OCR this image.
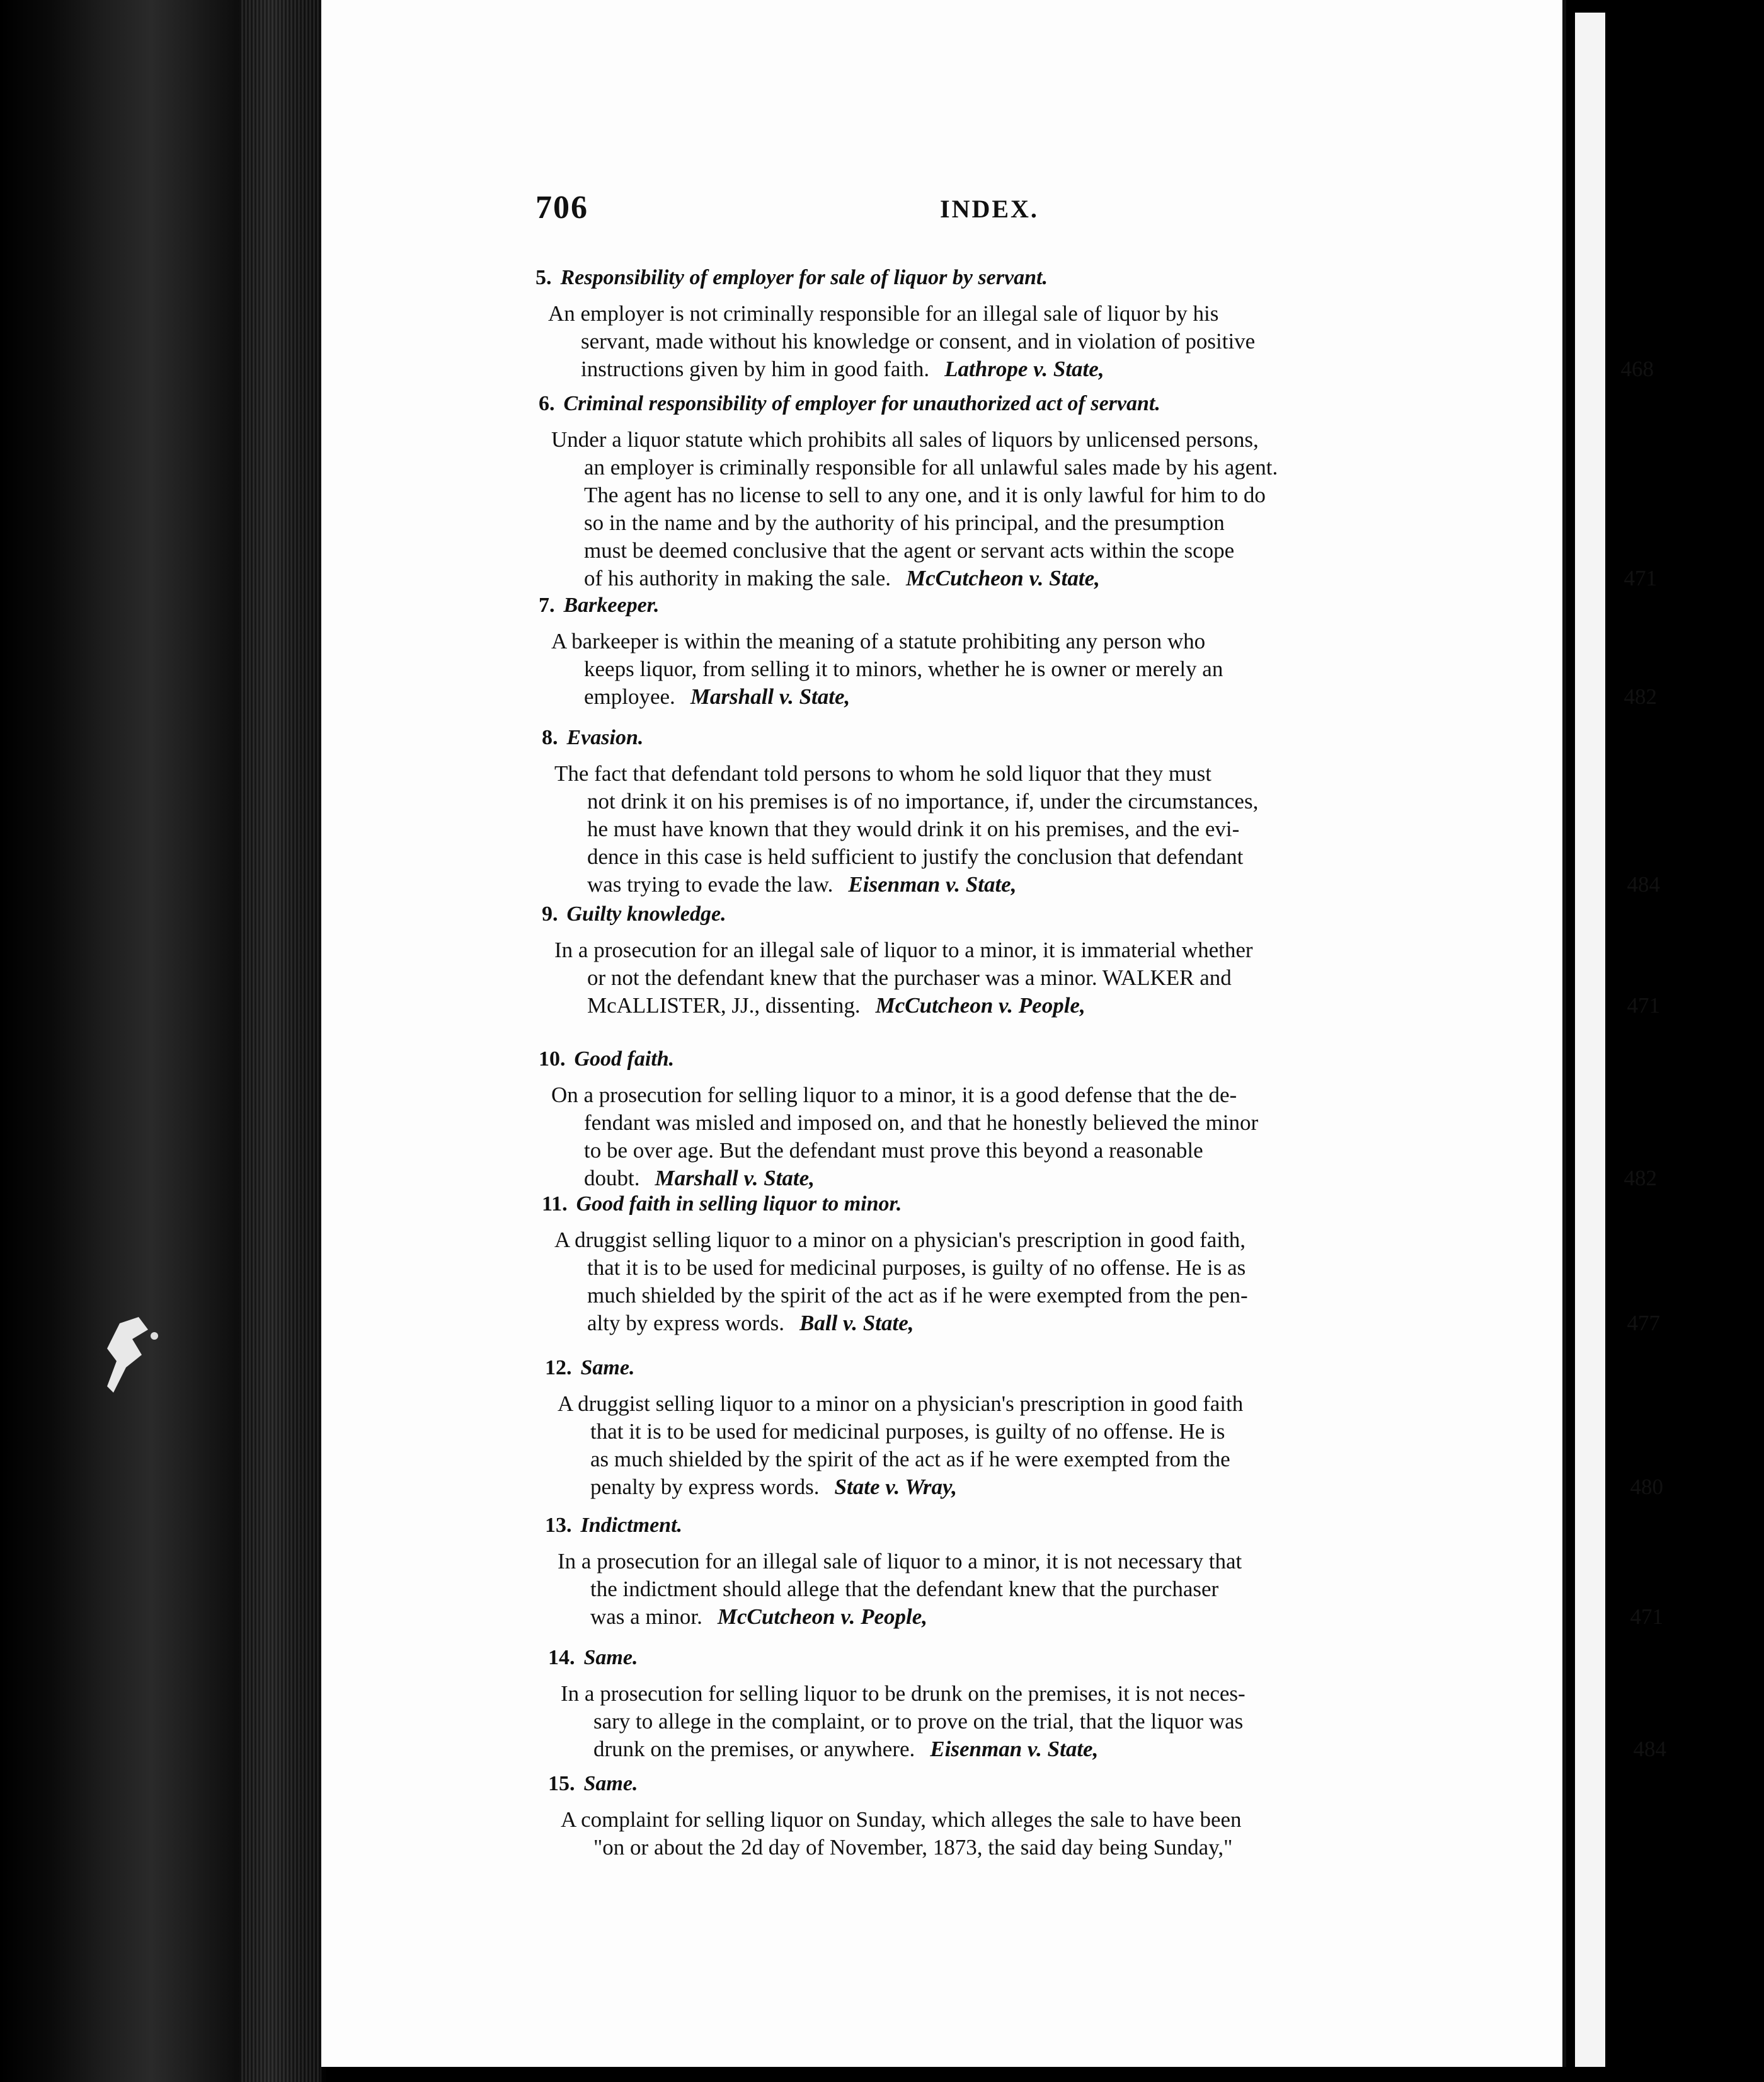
706	INDEX.
5. Responsibility of employer for sale of liquor by servant.
An employer is not criminally responsible for an illegal sale of liquor by his
servant, made without his knowledge or consent, and in violation of positive
instructions given by him in good faith. Lathrope v. State,	468
6. Criminal responsibility of employer for unauthorized act of servant.
Under a liquor statute which prohibits all sales of liquors by unlicensed persons,
an employer is criminally responsible for all unlawful sales made by his agent.
The agent has no license to sell to any one, and it is only lawful for him to do
so in the name and by the authority of his principal, and the presumption
must be deemed conclusive that the agent or servant acts within the scope
of his authority in making the sale. McCutcheon v. State,	471
7. Barkeeper.
A barkeeper is within the meaning of a statute prohibiting any person who
keeps liquor, from selling it to minors, whether he is owner or merely an
employee. Marshall v. State,	482
8. Evasion.
The fact that defendant told persons to whom he sold liquor that they must
not drink it on his premises is of no importance, if, under the circumstances,
he must have known that they would drink it on his premises, and the evi-
dence in this case is held sufficient to justify the conclusion that defendant
was trying to evade the law. Eisenman v. State,	484
9. Guilty knowledge.
In a prosecution for an illegal sale of liquor to a minor, it is immaterial whether
or not the defendant knew that the purchaser was a minor. WALKER and
McALLISTER, JJ., dissenting. McCutcheon v. People,	471
10. Good faith.
On a prosecution for selling liquor to a minor, it is a good defense that the de-
fendant was misled and imposed on, and that he honestly believed the minor
to be over age. But the defendant must prove this beyond a reasonable
doubt. Marshall v. State,	482
11. Good faith in selling liquor to minor.
A druggist selling liquor to a minor on a physician's prescription in good faith,
that it is to be used for medicinal purposes, is guilty of no offense. He is as
much shielded by the spirit of the act as if he were exempted from the pen-
alty by express words. Ball v. State,	477
12. Same.
A druggist selling liquor to a minor on a physician's prescription in good faith
that it is to be used for medicinal purposes, is guilty of no offense. He is
as much shielded by the spirit of the act as if he were exempted from the
penalty by express words. State v. Wray,	480
13. Indictment.
In a prosecution for an illegal sale of liquor to a minor, it is not necessary that
the indictment should allege that the defendant knew that the purchaser
was a minor. McCutcheon v. People,	471
14. Same.
In a prosecution for selling liquor to be drunk on the premises, it is not neces-
sary to allege in the complaint, or to prove on the trial, that the liquor was
drunk on the premises, or anywhere. Eisenman v. State,	484
15. Same.
A complaint for selling liquor on Sunday, which alleges the sale to have been
"on or about the 2d day of November, 1873, the said day being Sunday,"
